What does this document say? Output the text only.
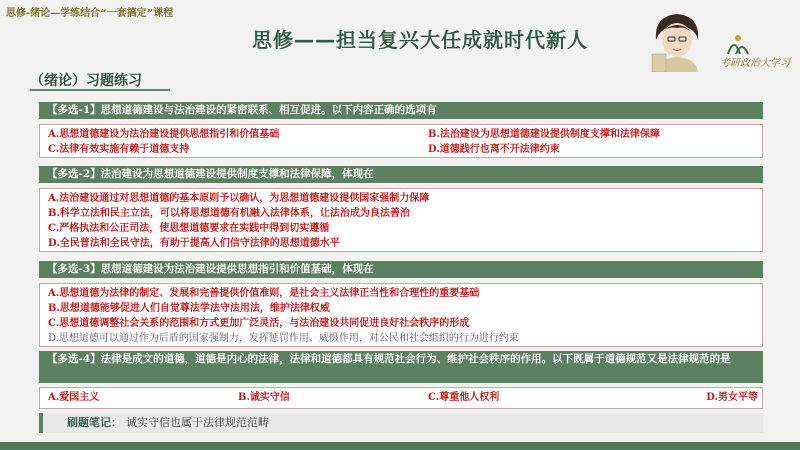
思修-绪论—学练结合“一套搞定”课程
思修——担当复兴大任成就时代新人
考研政治大学习
（绪论）习题练习
【多选-1】思想道德建设与法治建设的紧密联系、相互促进。以下内容正确的选项有
A.思想道德建设为法治建设提供思想指引和价值基础	B.法治建设为思想道德建设提供制度支撑和法律保障
C.法律有效实施有赖于道德支持	D.道德践行也离不开法律约束
【多选-2】法治建设为思想道德建设提供制度支撑和法律保障，体现在
A.法治建设通过对思想道德的基本原则予以确认，为思想道德建设提供国家强制力保障
B.科学立法和民主立法，可以将思想道德有机融入法律体系，让法治成为良法善治
C.严格执法和公正司法，使思想道德要求在实践中得到切实遵循
D.全民普法和全民守法，有助于提高人们信守法律的思想道德水平
【多选-3】思想道德建设为法治建设提供思想指引和价值基础，体现在
A.思想道德为法律的制定、发展和完善提供价值准则，是社会主义法律正当性和合理性的重要基础
B.思想道德能够促进人们自觉尊法学法守法用法，维护法律权威
C.思想道德调整社会关系的范围和方式更加广泛灵活，与法治建设共同促进良好社会秩序的形成
D.思想道德可以通过作为后盾的国家强制力，发挥惩罚作用、威慑作用，对公民和社会组织的行为进行约束
【多选-4】法律是成文的道德，道德是内心的法律，法律和道德都具有规范社会行为、维护社会秩序的作用。以下既属于道德规范又是法律规范的是
A.爱国主义	B.诚实守信	C.尊重他人权利	D.男女平等
刷题笔记： 诚实守信也属于法律规范范畴
